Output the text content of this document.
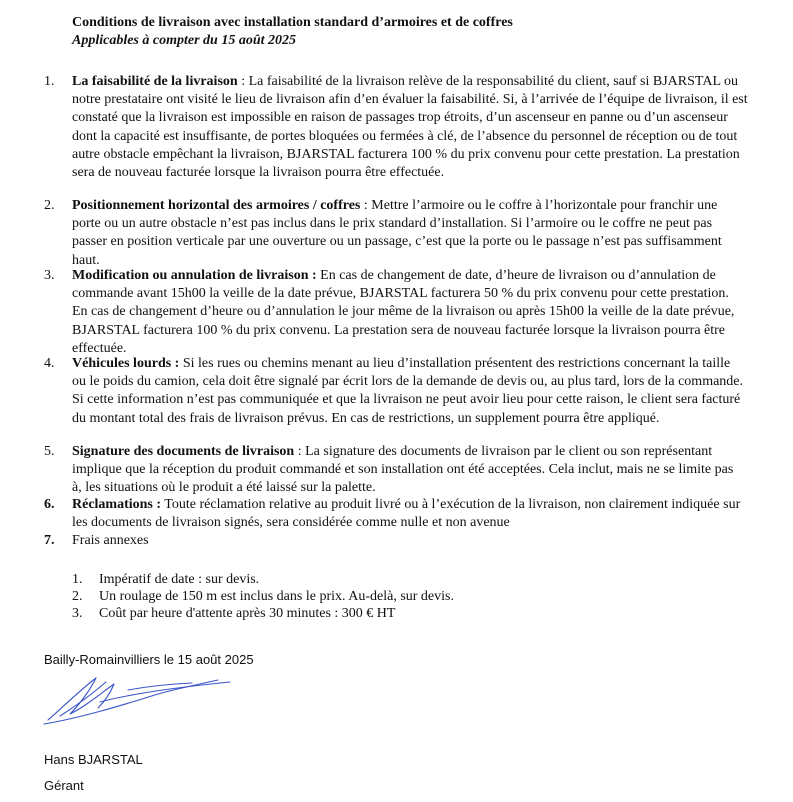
Conditions de livraison avec installation standard d’armoires et de coffres
Applicables à compter du 15 août 2025
1. La faisabilité de la livraison : La faisabilité de la livraison relève de la responsabilité du client, sauf si BJARSTAL ou notre prestataire ont visité le lieu de livraison afin d’en évaluer la faisabilité. Si, à l’arrivée de l’équipe de livraison, il est constaté que la livraison est impossible en raison de passages trop étroits, d’un ascenseur en panne ou d’un ascenseur dont la capacité est insuffisante, de portes bloquées ou fermées à clé, de l’absence du personnel de réception ou de tout autre obstacle empêchant la livraison, BJARSTAL facturera 100 % du prix convenu pour cette prestation. La prestation sera de nouveau facturée lorsque la livraison pourra être effectuée.
2. Positionnement horizontal des armoires / coffres : Mettre l’armoire ou le coffre à l’horizontale pour franchir une porte ou un autre obstacle n’est pas inclus dans le prix standard d’installation. Si l’armoire ou le coffre ne peut pas passer en position verticale par une ouverture ou un passage, c’est que la porte ou le passage n’est pas suffisamment haut.
3. Modification ou annulation de livraison : En cas de changement de date, d’heure de livraison ou d’annulation de commande avant 15h00 la veille de la date prévue, BJARSTAL facturera 50 % du prix convenu pour cette prestation. En cas de changement d’heure ou d’annulation le jour même de la livraison ou après 15h00 la veille de la date prévue, BJARSTAL facturera 100 % du prix convenu. La prestation sera de nouveau facturée lorsque la livraison pourra être effectuée.
4. Véhicules lourds : Si les rues ou chemins menant au lieu d’installation présentent des restrictions concernant la taille ou le poids du camion, cela doit être signalé par écrit lors de la demande de devis ou, au plus tard, lors de la commande. Si cette information n’est pas communiquée et que la livraison ne peut avoir lieu pour cette raison, le client sera facturé du montant total des frais de livraison prévus. En cas de restrictions, un supplement pourra être appliqué.
5. Signature des documents de livraison : La signature des documents de livraison par le client ou son représentant implique que la réception du produit commandé et son installation ont été acceptées. Cela inclut, mais ne se limite pas à, les situations où le produit a été laissé sur la palette.
6. Réclamations : Toute réclamation relative au produit livré ou à l’exécution de la livraison, non clairement indiquée sur les documents de livraison signés, sera considérée comme nulle et non avenue
7. Frais annexes
1. Impératif de date : sur devis.
2. Un roulage de 150 m est inclus dans le prix. Au-delà, sur devis.
3. Coût par heure d'attente après 30 minutes : 300 € HT
Bailly-Romainvilliers le 15 août 2025
Hans BJARSTAL
Gérant
